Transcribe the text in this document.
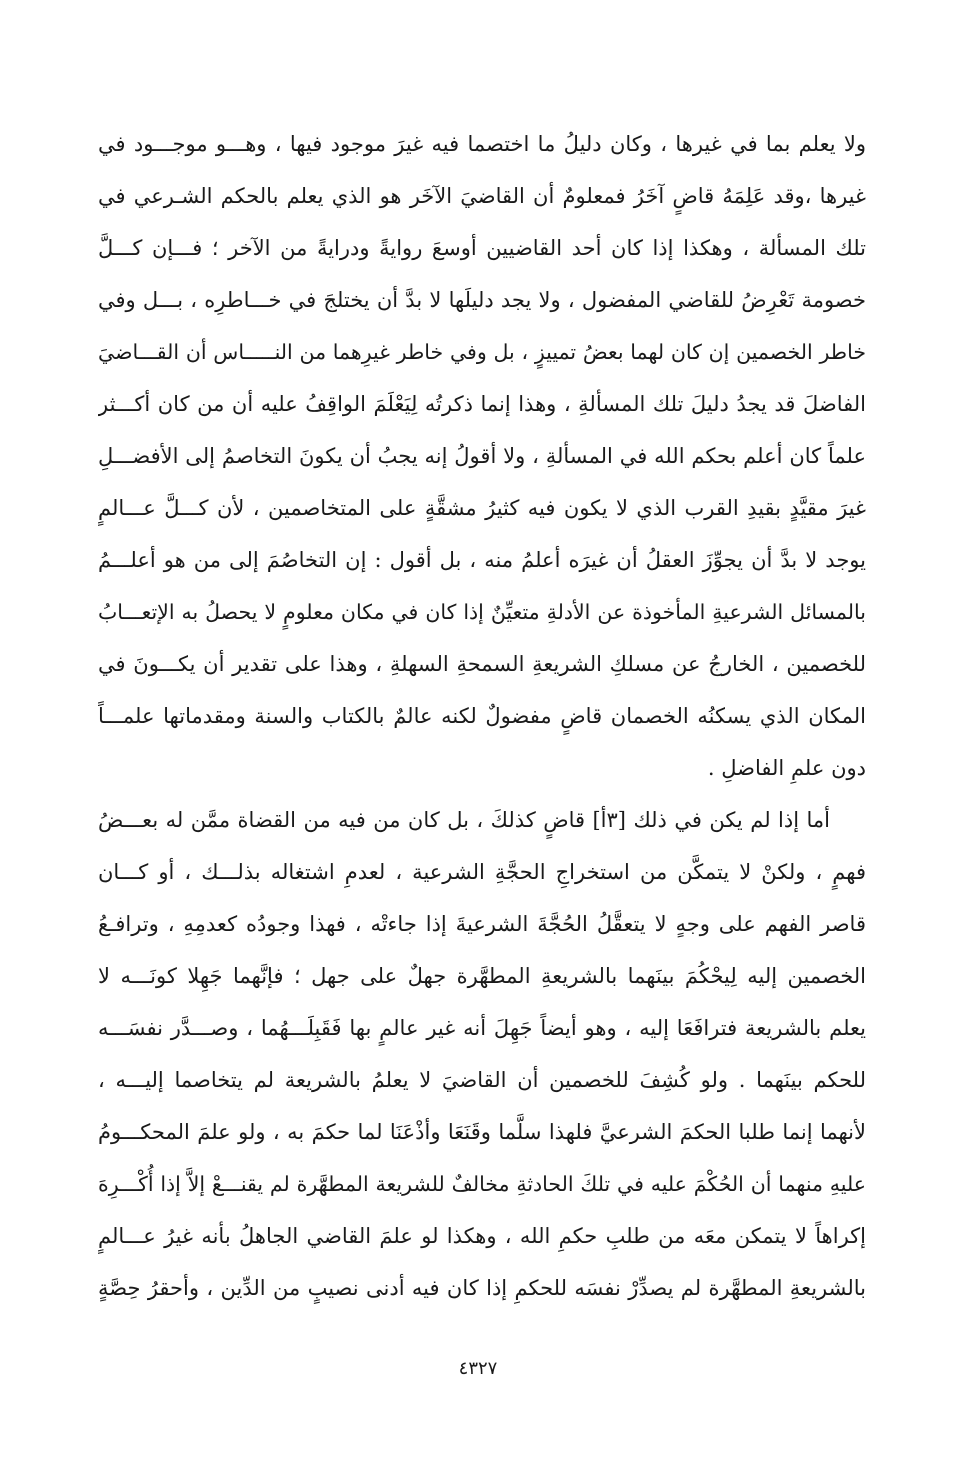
ولا يعلم بما في غيرها ، وكان دليلُ ما اختصما فيه غيرَ موجود فيها ، وهـــو موجـــود في
غيرها ،وقد عَلِمَهُ قاضٍ آخَرُ فمعلومٌ أن القاضيَ الآخَر هو الذي يعلم بالحكم الشـرعي في
تلك المسألة ، وهكذا إذا كان أحد القاضيين أوسعَ روايةً ودرايةً من الآخر ؛ فـــإن كـــلَّ
خصومة تَعْرِضُ للقاضي المفضول ، ولا يجد دليلَها لا بدَّ أن يختلجَ في خـــاطرِه ، بـــل وفي
خاطر الخصمين إن كان لهما بعضُ تمييزٍ ، بل وفي خاطر غيرِهما من النـــــاس أن القـــاضيَ
الفاضلَ قد يجدُ دليلَ تلك المسألةِ ، وهذا إنما ذكرتُه لِيَعْلَمَ الواقِفُ عليه أن من كان أكـــثر
علماً كان أعلم بحكم الله في المسألةِ ، ولا أقولُ إنه يجبُ أن يكونَ التخاصمُ إلى الأفضـــلِ
غيرَ مقيَّدٍ بقيدِ القرب الذي لا يكون فيه كثيرُ مشقَّةٍ على المتخاصمين ، لأن كـــلَّ عـــالمٍ
يوجد لا بدَّ أن يجوِّزَ العقلُ أن غيرَه أعلمُ منه ، بل أقول : إن التخاصُمَ إلى من هو أعلـــمُ
بالمسائل الشرعيةِ المأخوذة عن الأدلةِ متعيِّنٌ إذا كان في مكان معلومٍ لا يحصلُ به الإتعـــابُ
للخصمين ، الخارجُ عن مسلكِ الشريعةِ السمحةِ السهلةِ ، وهذا على تقدير أن يكـــونَ في
المكان الذي يسكنُه الخصمان قاضٍ مفضولٌ لكنه عالمٌ بالكتاب والسنة ومقدماتها علمـــاً
دون علمِ الفاضلِ .
أما إذا لم يكن في ذلك [٣أ] قاضٍ كذلكَ ، بل كان من فيه من القضاة ممَّن له بعـــضُ
فهمٍ ، ولكنْ لا يتمكَّن من استخراجِ الحجَّةِ الشرعية ، لعدمِ اشتغاله بذلـــك ، أو كـــان
قاصر الفهم على وجهٍ لا يتعقَّلُ الحُجَّةَ الشرعيةَ إذا جاءتْه ، فهذا وجودُه كعدمِهِ ، وترافـعُ
الخصمين إليه لِيحْكُمَ بينَهما بالشريعةِ المطهَّرة جهلٌ على جهل ؛ فإنَّهما جَهِلا كونَـــه لا
يعلم بالشريعة فترافَعَا إليه ، وهو أيضاً جَهِلَ أنه غير عالمٍ بها فَقَبِلَـــهُما ، وصـــدَّر نفسَـــه
للحكم بينَهما . ولو كُشِفَ للخصمين أن القاضيَ لا يعلمُ بالشريعة لم يتخاصما إليـــه ،
لأنهما إنما طلبا الحكمَ الشرعيَّ فلهذا سلَّما وقَنَعَا وأذْعَنَا لما حكمَ به ، ولو علمَ المحكـــومُ
عليهِ منهما أن الحُكْمَ عليه في تلكَ الحادثةِ مخالفٌ للشريعة المطهَّرة لم يقنـــعْ إلاَّ إذا أُكْـــرِهَ
إكراهاً لا يتمكن معَه من طلبِ حكمِ الله ، وهكذا لو علمَ القاضي الجاهلُ بأنه غيرُ عـــالمٍ
بالشريعةِ المطهَّرة لم يصدِّرْ نفسَه للحكمِ إذا كان فيه أدنى نصيبٍ من الدِّين ، وأحقرُ حِصَّةٍ
٤٣٢٧
